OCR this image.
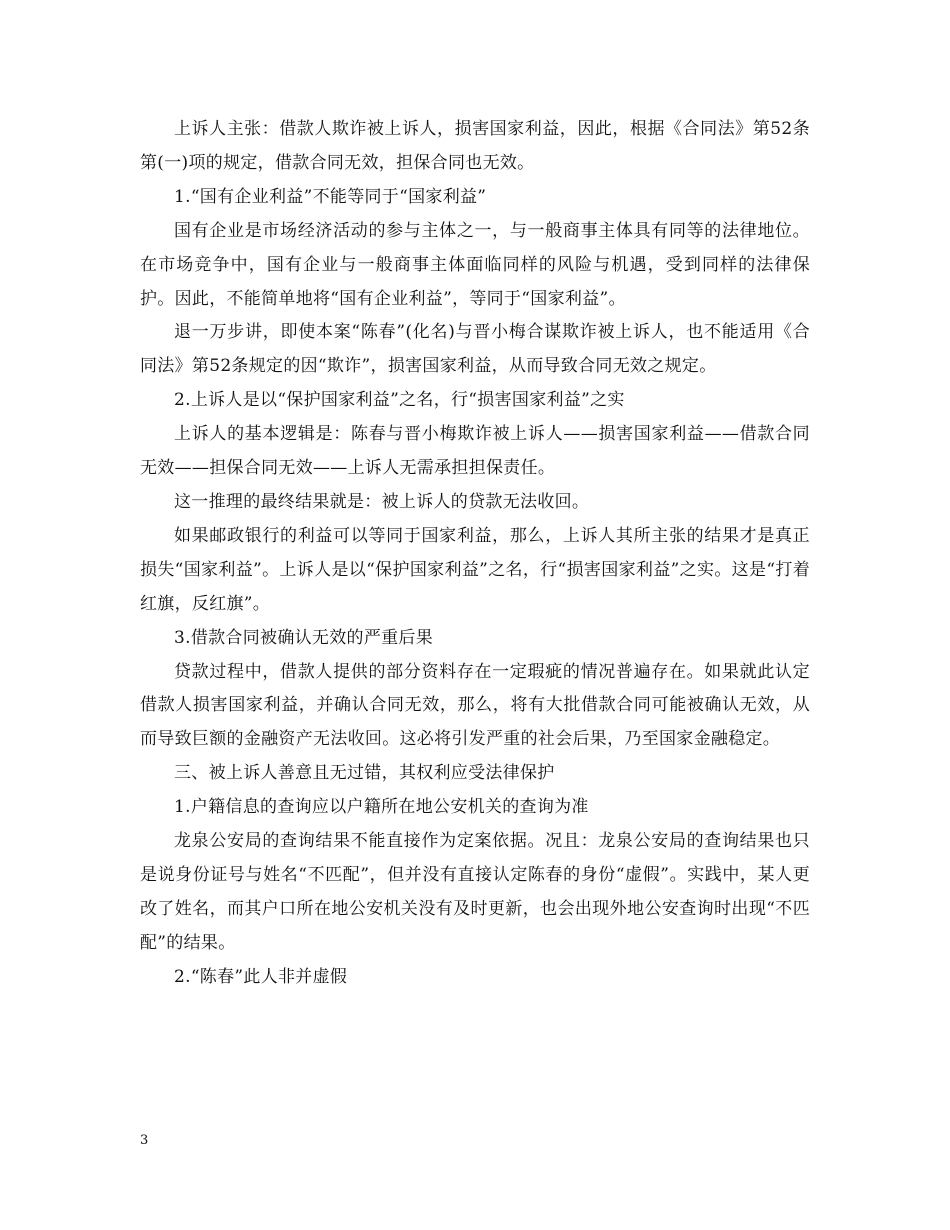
上诉人主张：借款人欺诈被上诉人，损害国家利益，因此，根据《合同法》第52条第(一)项的规定，借款合同无效，担保合同也无效。

1.“国有企业利益”不能等同于“国家利益”

国有企业是市场经济活动的参与主体之一，与一般商事主体具有同等的法律地位。在市场竞争中，国有企业与一般商事主体面临同样的风险与机遇，受到同样的法律保护。因此，不能简单地将“国有企业利益”，等同于“国家利益”。

退一万步讲，即使本案“陈春”(化名)与晋小梅合谋欺诈被上诉人，也不能适用《合同法》第52条规定的因“欺诈”，损害国家利益，从而导致合同无效之规定。

2.上诉人是以“保护国家利益”之名，行“损害国家利益”之实

上诉人的基本逻辑是：陈春与晋小梅欺诈被上诉人——损害国家利益——借款合同无效——担保合同无效——上诉人无需承担担保责任。

这一推理的最终结果就是：被上诉人的贷款无法收回。

如果邮政银行的利益可以等同于国家利益，那么，上诉人其所主张的结果才是真正损失“国家利益”。上诉人是以“保护国家利益”之名，行“损害国家利益”之实。这是“打着红旗，反红旗”。

3.借款合同被确认无效的严重后果

贷款过程中，借款人提供的部分资料存在一定瑕疵的情况普遍存在。如果就此认定借款人损害国家利益，并确认合同无效，那么，将有大批借款合同可能被确认无效，从而导致巨额的金融资产无法收回。这必将引发严重的社会后果，乃至国家金融稳定。

三、被上诉人善意且无过错，其权利应受法律保护

1.户籍信息的查询应以户籍所在地公安机关的查询为准

龙泉公安局的查询结果不能直接作为定案依据。况且：龙泉公安局的查询结果也只是说身份证号与姓名“不匹配”，但并没有直接认定陈春的身份“虚假”。实践中，某人更改了姓名，而其户口所在地公安机关没有及时更新，也会出现外地公安查询时出现“不匹配”的结果。

2.“陈春”此人非并虚假

3
